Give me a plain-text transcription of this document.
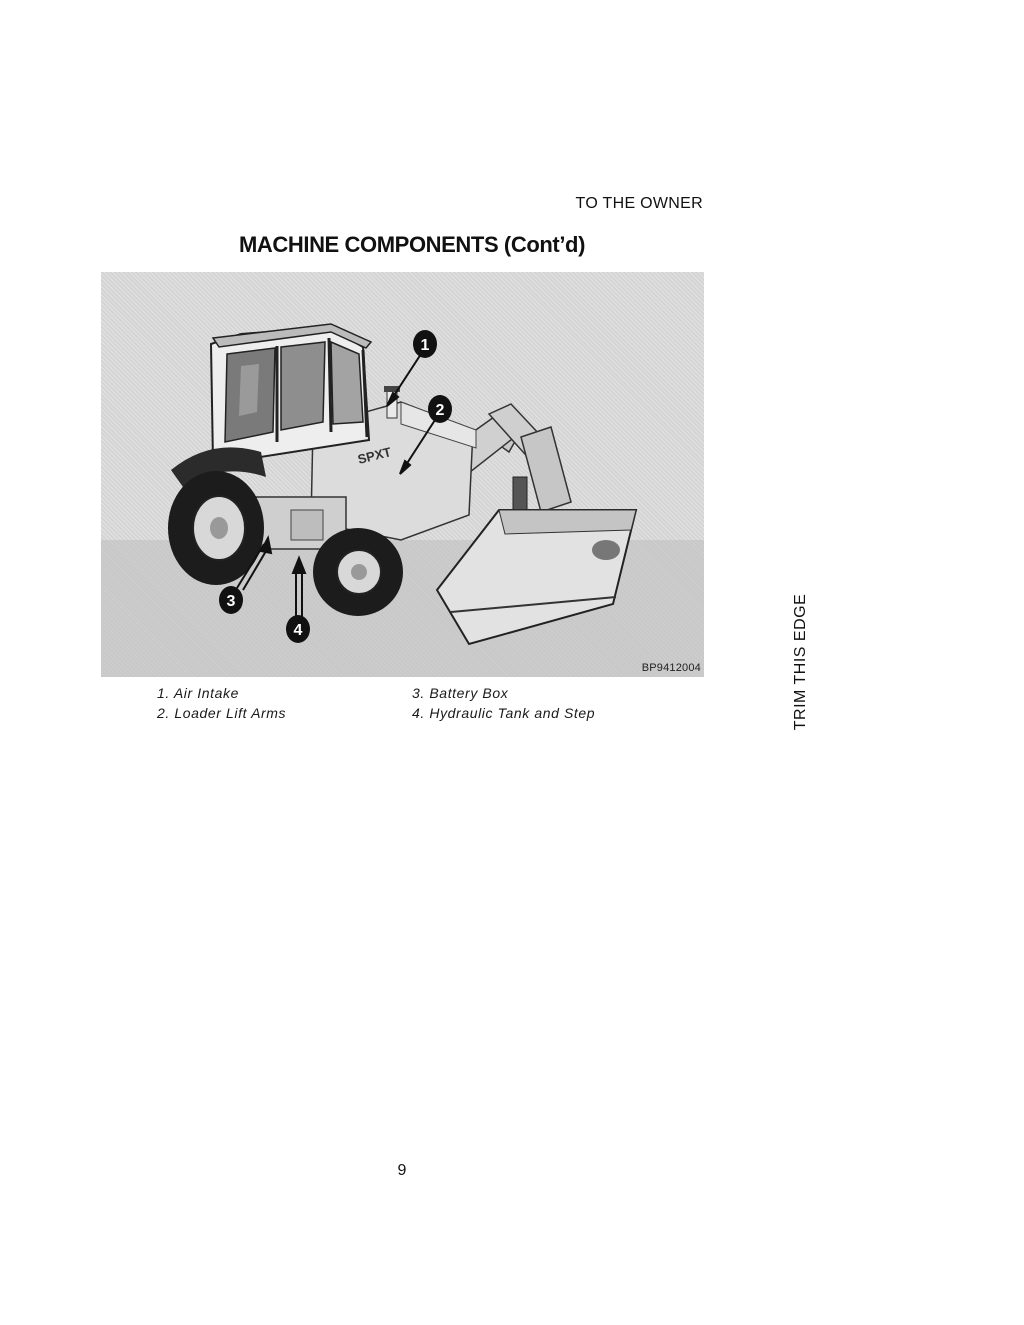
TO THE OWNER
MACHINE COMPONENTS (Cont’d)
SPXT
1
2
3
4
BP9412004
1. Air Intake
2. Loader Lift Arms
3. Battery Box
4. Hydraulic Tank and Step	TRIM THIS EDGE
9
